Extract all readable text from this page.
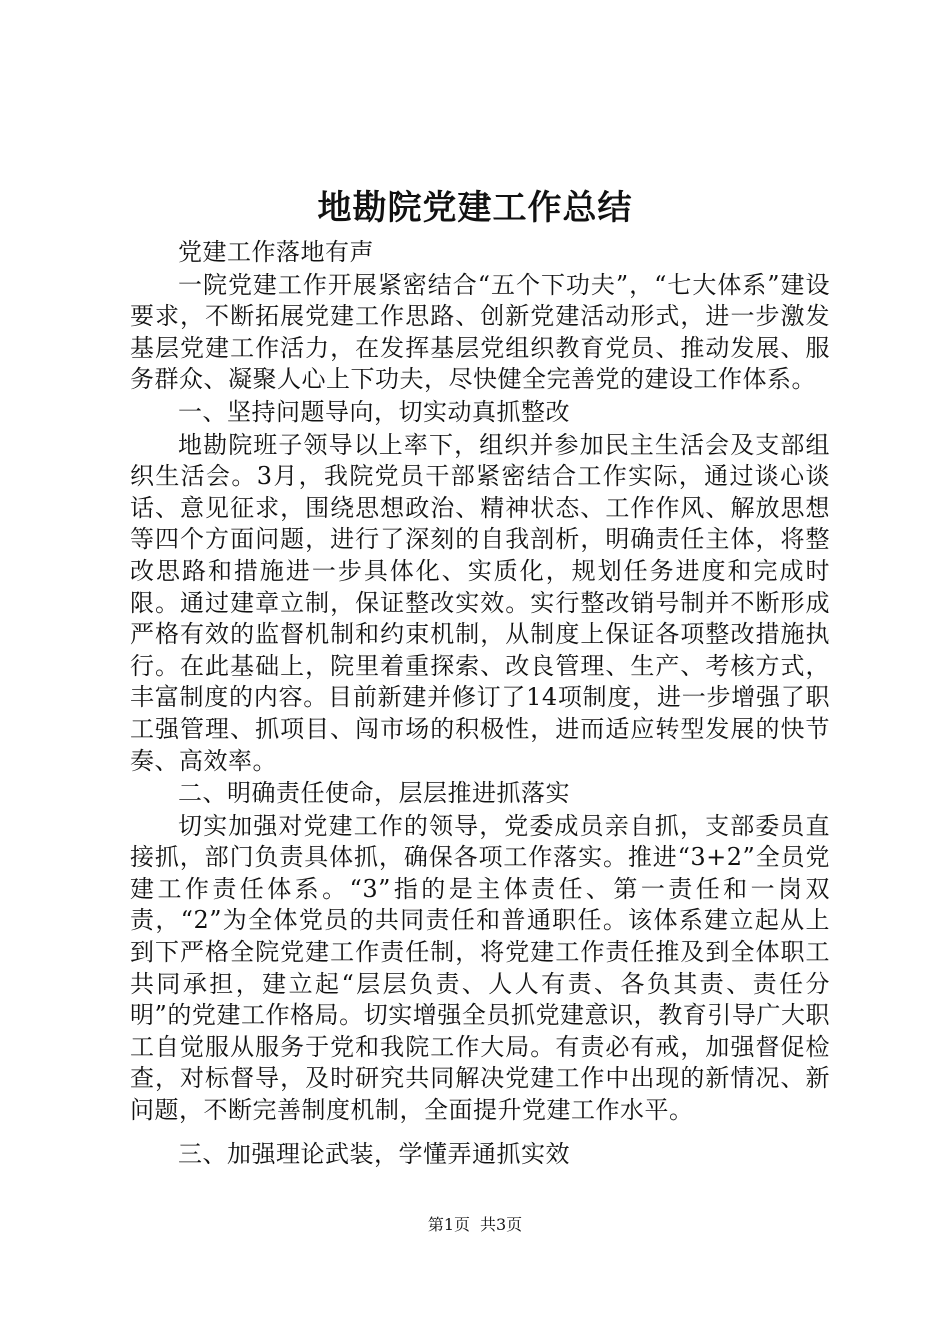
地勘院党建工作总结

党建工作落地有声

一院党建工作开展紧密结合“五个下功夫”，“七大体系”建设要求，不断拓展党建工作思路、创新党建活动形式，进一步激发基层党建工作活力，在发挥基层党组织教育党员、推动发展、服务群众、凝聚人心上下功夫，尽快健全完善党的建设工作体系。

一、坚持问题导向，切实动真抓整改

地勘院班子领导以上率下，组织并参加民主生活会及支部组织生活会。3月，我院党员干部紧密结合工作实际，通过谈心谈话、意见征求，围绕思想政治、精神状态、工作作风、解放思想等四个方面问题，进行了深刻的自我剖析，明确责任主体，将整改思路和措施进一步具体化、实质化，规划任务进度和完成时限。通过建章立制，保证整改实效。实行整改销号制并不断形成严格有效的监督机制和约束机制，从制度上保证各项整改措施执行。在此基础上，院里着重探索、改良管理、生产、考核方式，丰富制度的内容。目前新建并修订了14项制度，进一步增强了职工强管理、抓项目、闯市场的积极性，进而适应转型发展的快节奏、高效率。

二、明确责任使命，层层推进抓落实

切实加强对党建工作的领导，党委成员亲自抓，支部委员直接抓，部门负责具体抓，确保各项工作落实。推进“3+2”全员党建工作责任体系。“3”指的是主体责任、第一责任和一岗双责，“2”为全体党员的共同责任和普通职任。该体系建立起从上到下严格全院党建工作责任制，将党建工作责任推及到全体职工共同承担，建立起“层层负责、人人有责、各负其责、责任分明”的党建工作格局。切实增强全员抓党建意识，教育引导广大职工自觉服从服务于党和我院工作大局。有责必有戒，加强督促检查，对标督导，及时研究共同解决党建工作中出现的新情况、新问题，不断完善制度机制，全面提升党建工作水平。

三、加强理论武装，学懂弄通抓实效

第1页 共3页
